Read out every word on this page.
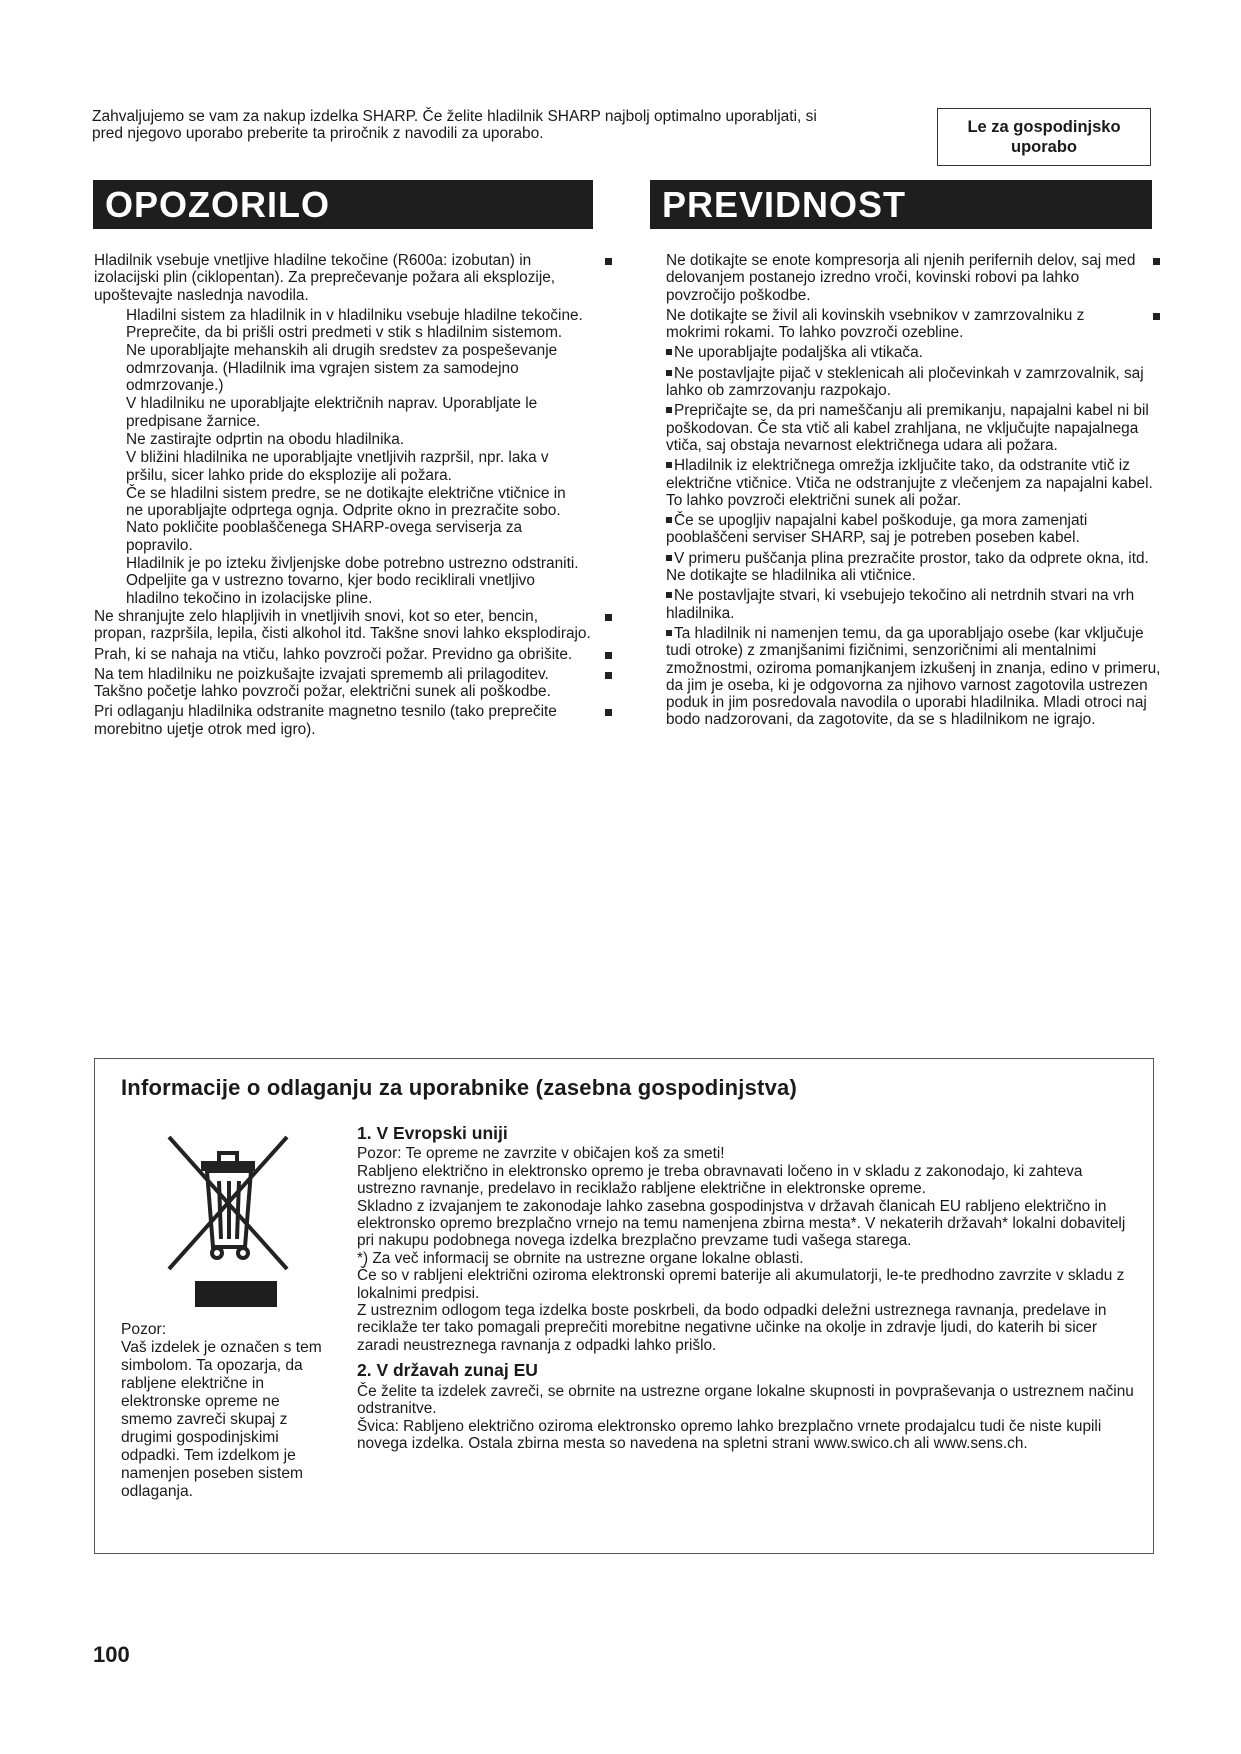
Zahvaljujemo se vam za nakup izdelka SHARP. Če želite hladilnik SHARP najbolj optimalno uporabljati, si pred njegovo uporabo preberite ta priročnik z navodili za uporabo.	Le za gospodinjsko uporabo
OPOZORILO	PREVIDNOST

Hladilnik vsebuje vnetljive hladilne tekočine (R600a: izobutan) in izolacijski plin (ciklopentan). Za preprečevanje požara ali eksplozije, upoštevajte naslednja navodila.

Hladilni sistem za hladilnik in v hladilniku vsebuje hladilne tekočine. Preprečite, da bi prišli ostri predmeti v stik s hladilnim sistemom.

Ne uporabljajte mehanskih ali drugih sredstev za pospeševanje odmrzovanja. (Hladilnik ima vgrajen sistem za samodejno odmrzovanje.)

V hladilniku ne uporabljajte električnih naprav. Uporabljate le predpisane žarnice.

Ne zastirajte odprtin na obodu hladilnika.

V bližini hladilnika ne uporabljajte vnetljivih razpršil, npr. laka v pršilu, sicer lahko pride do eksplozije ali požara.

Če se hladilni sistem predre, se ne dotikajte električne vtičnice in ne uporabljajte odprtega ognja. Odprite okno in prezračite sobo. Nato pokličite pooblaščenega SHARP-ovega serviserja za popravilo.

Hladilnik je po izteku življenjske dobe potrebno ustrezno odstraniti. Odpeljite ga v ustrezno tovarno, kjer bodo reciklirali vnetljivo hladilno tekočino in izolacijske pline.

Ne shranjujte zelo hlapljivih in vnetljivih snovi, kot so eter, bencin, propan, razpršila, lepila, čisti alkohol itd. Takšne snovi lahko eksplodirajo.

Prah, ki se nahaja na vtiču, lahko povzroči požar. Previdno ga obrišite.

Na tem hladilniku ne poizkušajte izvajati sprememb ali prilagoditev. Takšno početje lahko povzroči požar, električni sunek ali poškodbe.

Pri odlaganju hladilnika odstranite magnetno tesnilo (tako preprečite morebitno ujetje otrok med igro).

Ne dotikajte se enote kompresorja ali njenih perifernih delov, saj med delovanjem postanejo izredno vroči, kovinski robovi pa lahko povzročijo poškodbe.

Ne dotikajte se živil ali kovinskih vsebnikov v zamrzovalniku z mokrimi rokami. To lahko povzroči ozebline.

Ne uporabljajte podaljška ali vtikača.

Ne postavljajte pijač v steklenicah ali pločevinkah v zamrzovalnik, saj lahko ob zamrzovanju razpokajo.

Prepričajte se, da pri nameščanju ali premikanju, napajalni kabel ni bil poškodovan. Če sta vtič ali kabel zrahljana, ne vključujte napajalnega vtiča, saj obstaja nevarnost električnega udara ali požara.

Hladilnik iz električnega omrežja izključite tako, da odstranite vtič iz električne vtičnice. Vtiča ne odstranjujte z vlečenjem za napajalni kabel. To lahko povzroči električni sunek ali požar.

Če se upogljiv napajalni kabel poškoduje, ga mora zamenjati pooblaščeni serviser SHARP, saj je potreben poseben kabel.

V primeru puščanja plina prezračite prostor, tako da odprete okna, itd. Ne dotikajte se hladilnika ali vtičnice.

Ne postavljajte stvari, ki vsebujejo tekočino ali netrdnih stvari na vrh hladilnika.

Ta hladilnik ni namenjen temu, da ga uporabljajo osebe (kar vključuje tudi otroke) z zmanjšanimi fizičnimi, senzoričnimi ali mentalnimi zmožnostmi, oziroma pomanjkanjem izkušenj in znanja, edino v primeru, da jim je oseba, ki je odgovorna za njihovo varnost zagotovila ustrezen poduk in jim posredovala navodila o uporabi hladilnika. Mladi otroci naj bodo nadzorovani, da zagotovite, da se s hladilnikom ne igrajo.

Informacije o odlaganju za uporabnike (zasebna gospodinjstva)

Pozor:

Vaš izdelek je označen s tem simbolom. Ta opozarja, da rabljene električne in elektronske opreme ne smemo zavreči skupaj z drugimi gospodinjskimi odpadki. Tem izdelkom je namenjen poseben sistem odlaganja.

1. V Evropski uniji

Pozor: Te opreme ne zavrzite v običajen koš za smeti!

Rabljeno električno in elektronsko opremo je treba obravnavati ločeno in v skladu z zakonodajo, ki zahteva ustrezno ravnanje, predelavo in reciklažo rabljene električne in elektronske opreme.

Skladno z izvajanjem te zakonodaje lahko zasebna gospodinjstva v državah članicah EU rabljeno električno in elektronsko opremo brezplačno vrnejo na temu namenjena zbirna mesta*. V nekaterih državah* lokalni dobavitelj pri nakupu podobnega novega izdelka brezplačno prevzame tudi vašega starega.

*) Za več informacij se obrnite na ustrezne organe lokalne oblasti.

Če so v rabljeni električni oziroma elektronski opremi baterije ali akumulatorji, le-te predhodno zavrzite v skladu z lokalnimi predpisi.

Z ustreznim odlogom tega izdelka boste poskrbeli, da bodo odpadki deležni ustreznega ravnanja, predelave in reciklaže ter tako pomagali preprečiti morebitne negativne učinke na okolje in zdravje ljudi, do katerih bi sicer zaradi neustreznega ravnanja z odpadki lahko prišlo.

2. V državah zunaj EU

Če želite ta izdelek zavreči, se obrnite na ustrezne organe lokalne skupnosti in povpraševanja o ustreznem načinu odstranitve.

Švica: Rabljeno električno oziroma elektronsko opremo lahko brezplačno vrnete prodajalcu tudi če niste kupili novega izdelka. Ostala zbirna mesta so navedena na spletni strani www.swico.ch ali www.sens.ch.

100
